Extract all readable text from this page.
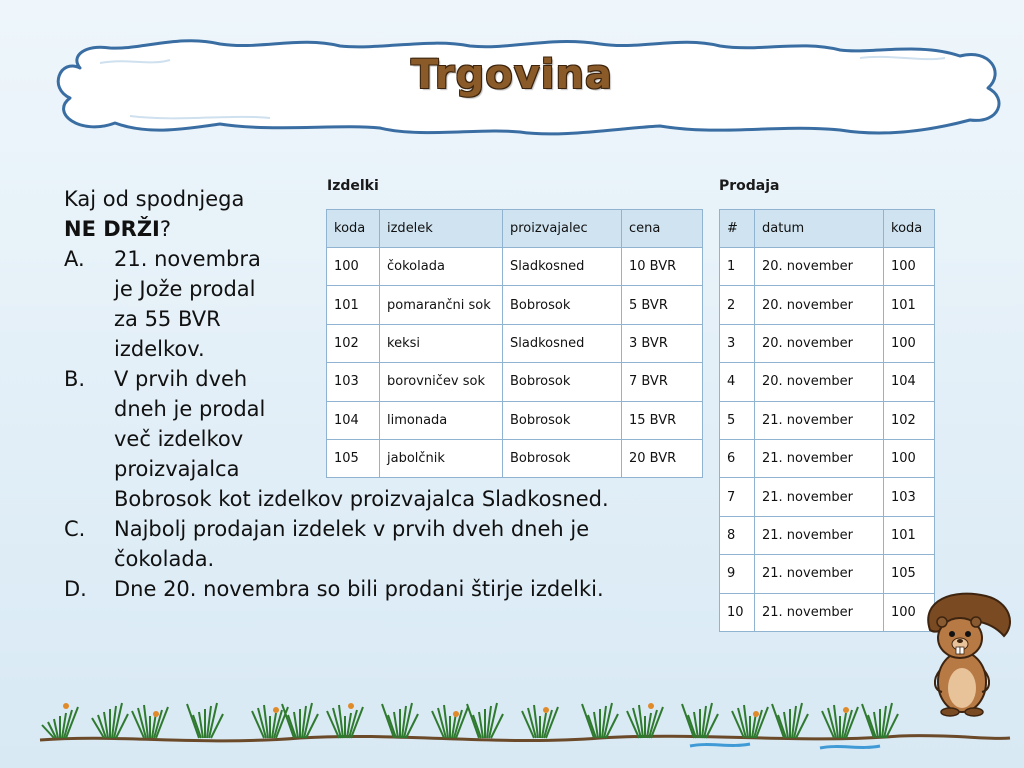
Trgovina
Kaj od spodnjega
NE DRŽI?
A. 21. novembra
je Jože prodal
za 55 BVR
izdelkov.
B. V prvih dveh
dneh je prodal
več izdelkov
proizvajalca
Bobrosok kot izdelkov proizvajalca Sladkosned.
C. Najbolj prodajan izdelek v prvih dveh dneh je
čokolada.
D. Dne 20. novembra so bili prodani štirje izdelki.
Izdelki
koda	izdelek	proizvajalec	cena
100	čokolada	Sladkosned	10 BVR
101	pomarančni sok	Bobrosok	5 BVR
102	keksi	Sladkosned	3 BVR
103	borovničev sok	Bobrosok	7 BVR
104	limonada	Bobrosok	15 BVR
105	jabolčnik	Bobrosok	20 BVR
Prodaja
#	datum	koda
1	20. november	100
2	20. november	101
3	20. november	100
4	20. november	104
5	21. november	102
6	21. november	100
7	21. november	103
8	21. november	101
9	21. november	105
10	21. november	100
